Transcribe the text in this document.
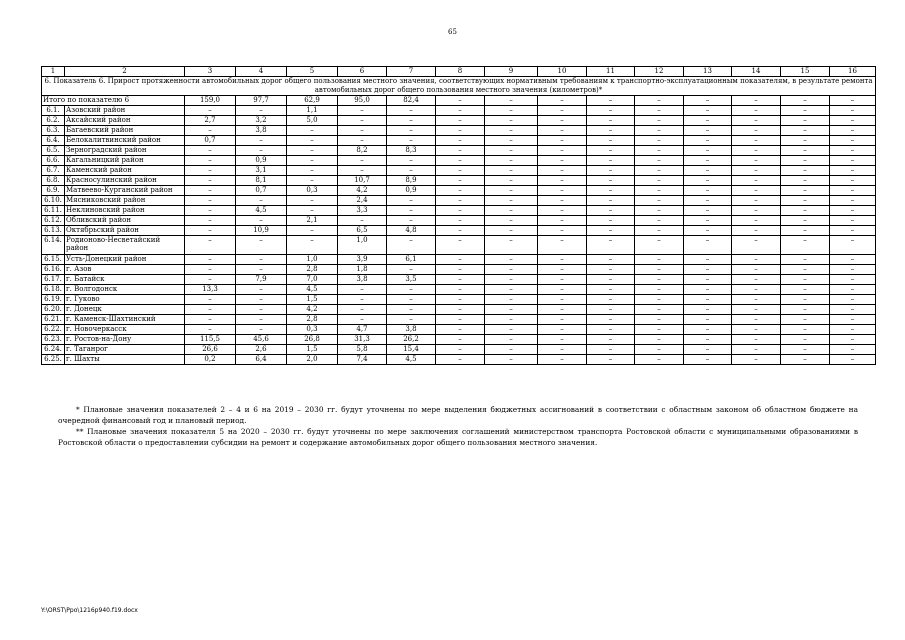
65
1	2	3	4	5	6	7	8	9	10	11	12	13	14	15	16
6. Показатель 6. Прирост протяженности автомобильных дорог общего пользования местного значения, соответствующих нормативным требованиям к транспортно-эксплуатационным показателям, в результате ремонта автомобильных дорог общего пользования местного значения (километров)*															
Итого по показателю 6		159,0	97,7	62,9	95,0	82,4	–	–	–	–	–	–	–	–	–
6.1.	Азовский район	–	–	1,1	–	–	–	–	–	–	–	–	–	–	–
6.2.	Аксайский район	2,7	3,2	5,0	–	–	–	–	–	–	–	–	–	–	–
6.3.	Багаевский район	–	3,8	–	–	–	–	–	–	–	–	–	–	–	–
6.4.	Белокалитвинский район	0,7	–	–	–	–	–	–	–	–	–	–	–	–	–
6.5.	Зерноградский район	–	–	–	8,2	8,3	–	–	–	–	–	–	–	–	–
6.6.	Кагальницкий район	–	0,9	–	–	–	–	–	–	–	–	–	–	–	–
6.7.	Каменский район	–	3,1	–	–	–	–	–	–	–	–	–	–	–	–
6.8.	Красносулинский район	–	8,1	–	10,7	8,9	–	–	–	–	–	–	–	–	–
6.9.	Матвеево-Курганский район	–	0,7	0,3	4,2	0,9	–	–	–	–	–	–	–	–	–
6.10.	Мясниковский район	–	–	–	2,4	–	–	–	–	–	–	–	–	–	–
6.11.	Неклиновский район	–	4,5	–	3,3	–	–	–	–	–	–	–	–	–	–
6.12.	Обливский район	–	–	2,1	–	–	–	–	–	–	–	–	–	–	–
6.13.	Октябрьский район	–	10,9	–	6,5	4,8	–	–	–	–	–	–	–	–	–
6.14.	Родионово-Несветайский район	–	–	–	1,0	–	–	–	–	–	–	–	–	–	–
6.15.	Усть-Донецкий район	–	–	1,0	3,9	6,1	–	–	–	–	–	–	–	–	–
6.16.	г. Азов	–	–	2,8	1,8	–	–	–	–	–	–	–	–	–	–
6.17.	г. Батайск	–	7,9	7,0	3,8	3,5	–	–	–	–	–	–	–	–	–
6.18.	г. Волгодонск	13,3	–	4,5	–	–	–	–	–	–	–	–	–	–	–
6.19.	г. Гуково	–	–	1,5	–	–	–	–	–	–	–	–	–	–	–
6.20.	г. Донецк	–	–	4,2	–	–	–	–	–	–	–	–	–	–	–
6.21.	г. Каменск-Шахтинский	–	–	2,8	–	–	–	–	–	–	–	–	–	–	–
6.22.	г. Новочеркасск	–	–	0,3	4,7	3,8	–	–	–	–	–	–	–	–	–
6.23.	г. Ростов-на-Дону	115,5	45,6	26,8	31,3	26,2	–	–	–	–	–	–	–	–	–
6.24.	г. Таганрог	26,6	2,6	1,5	5,8	15,4	–	–	–	–	–	–	–	–	–
6.25.	г. Шахты	0,2	6,4	2,0	7,4	4,5	–	–	–	–	–	–	–	–	–

* Плановые значения показателей 2 – 4 и 6 на 2019 – 2030 гг. будут уточнены по мере выделения бюджетных ассигнований в соответствии с областным законом об областном бюджете на очередной финансовый год и плановый период.

** Плановые значения показателя 5 на 2020 – 2030 гг. будут уточнены по мере заключения соглашений министерством транспорта Ростовской области с муниципальными образованиями в Ростовской области о предоставлении субсидии на ремонт и содержание автомобильных дорог общего пользования местного значения.

Y:\ORST\Ppo\1216p940.f19.docx
